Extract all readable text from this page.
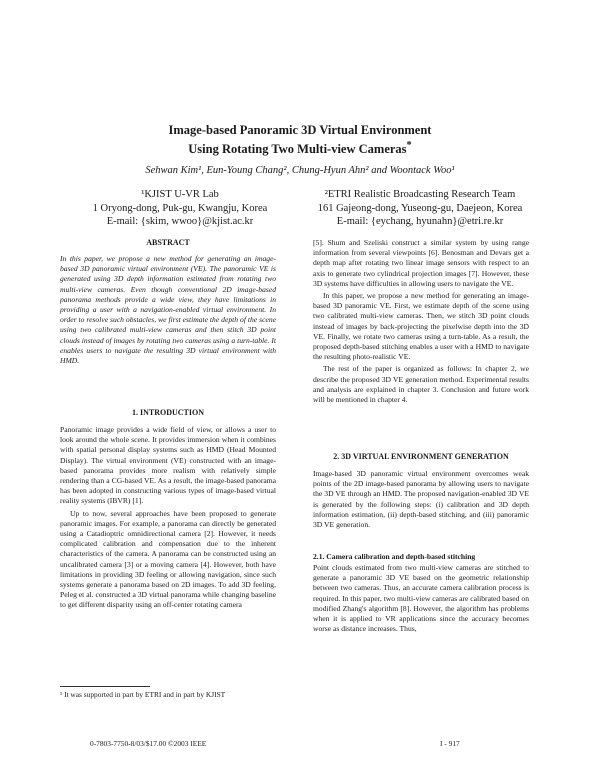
Image-based Panoramic 3D Virtual Environment
Using Rotating Two Multi-view Cameras*
Sehwan Kim¹, Eun-Young Chang², Chung-Hyun Ahn² and Woontack Woo¹
¹KJIST U-VR Lab
1 Oryong-dong, Puk-gu, Kwangju, Korea
E-mail: {skim, wwoo}@kjist.ac.kr
²ETRI Realistic Broadcasting Research Team
161 Gajeong-dong, Yuseong-gu, Daejeon, Korea
E-mail: {eychang, hyunahn}@etri.re.kr
ABSTRACT

In this paper, we propose a new method for generating an image-based 3D panoramic virtual environment (VE). The panoramic VE is generated using 3D depth information estimated from rotating two multi-view cameras. Even though conventional 2D image-based panorama methods provide a wide view, they have limitations in providing a user with a navigation-enabled virtual environment. In order to resolve such obstacles, we first estimate the depth of the scene using two calibrated multi-view cameras and then stitch 3D point clouds instead of images by rotating two cameras using a turn-table. It enables users to navigate the resulting 3D virtual environment with HMD.

1. INTRODUCTION

Panoramic image provides a wide field of view, or allows a user to look around the whole scene. It provides immersion when it combines with spatial personal display systems such as HMD (Head Mounted Display). The virtual environment (VE) constructed with an image-based panorama provides more realism with relatively simple rendering than a CG-based VE. As a result, the image-based panorama has been adopted in constructing various types of image-based virtual reality systems (IBVR) [1].

Up to now, several approaches have been proposed to generate panoramic images. For example, a panorama can directly be generated using a Catadioptric omnidirectional camera [2]. However, it needs complicated calibration and compensation due to the inherent characteristics of the camera. A panorama can be constructed using an uncalibrated camera [3] or a moving camera [4]. However, both have limitations in providing 3D feeling or allowing navigation, since such systems generate a panorama based on 2D images. To add 3D feeling, Peleg et al. constructed a 3D virtual panorama while changing baseline to get different disparity using an off-center rotating camera

[5]. Shum and Szeliski construct a similar system by using range information from several viewpoints [6]. Benosman and Devars get a depth map after rotating two linear image sensors with respect to an axis to generate two cylindrical projection images [7]. However, these 3D systems have difficulties in allowing users to navigate the VE.

In this paper, we propose a new method for generating an image-based 3D panoramic VE. First, we estimate depth of the scene using two calibrated multi-view cameras. Then, we stitch 3D point clouds instead of images by back-projecting the pixelwise depth into the 3D VE. Finally, we rotate two cameras using a turn-table. As a result, the proposed depth-based stitching enables a user with a HMD to navigate the resulting photo-realistic VE.

The rest of the paper is organized as follows: In chapter 2, we describe the proposed 3D VE generation method. Experimental results and analysis are explained in chapter 3. Conclusion and future work will be mentioned in chapter 4.

2. 3D VIRTUAL ENVIRONMENT GENERATION

Image-based 3D panoramic virtual environment overcomes weak points of the 2D image-based panorama by allowing users to navigate the 3D VE through an HMD. The proposed navigation-enabled 3D VE is generated by the following steps: (i) calibration and 3D depth information estimation, (ii) depth-based stitching, and (iii) panoramic 3D VE generation.

2.1. Camera calibration and depth-based stitching

Point clouds estimated from two multi-view cameras are stitched to generate a panoramic 3D VE based on the geometric relationship between two cameras. Thus, an accurate camera calibration process is required. In this paper, two multi-view cameras are calibrated based on modified Zhang's algorithm [8]. However, the algorithm has problems when it is applied to VR applications since the accuracy becomes worse as distance increases. Thus,

¹ It was supported in part by ETRI and in part by KJIST
0-7803-7750-8/03/$17.00 ©2003 IEEE	I - 917
